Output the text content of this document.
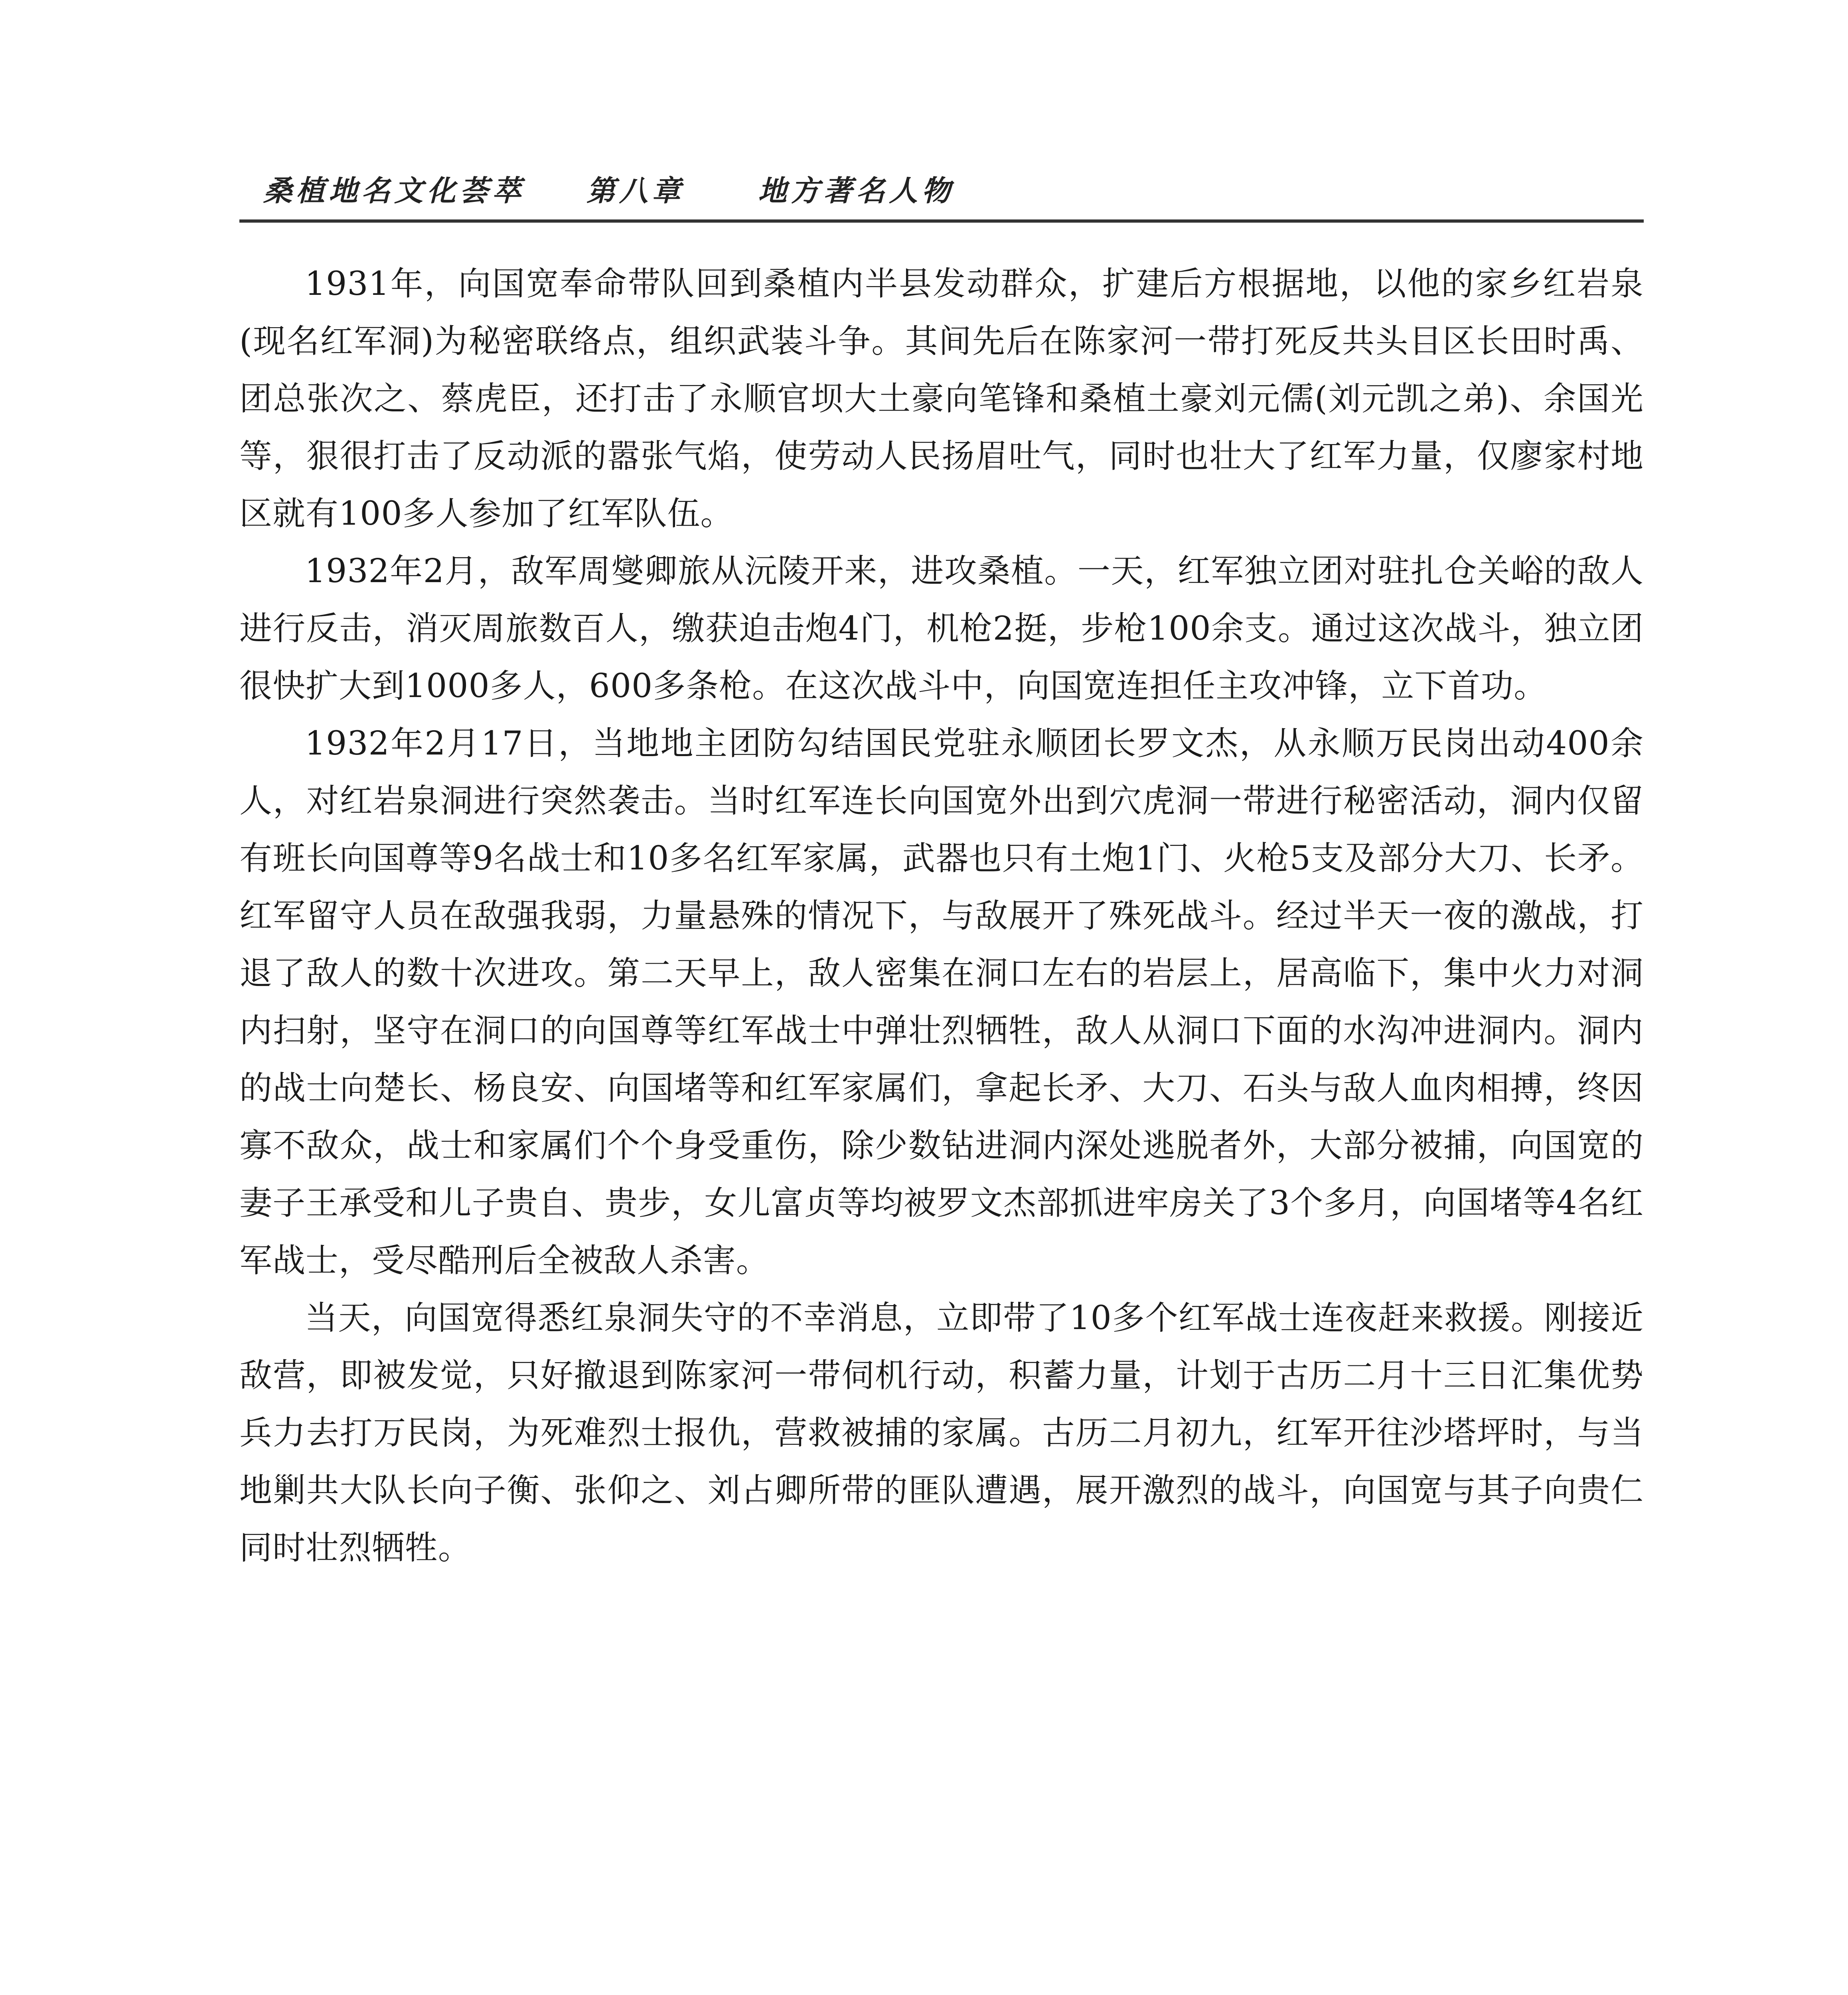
桑植地名文化荟萃 第八章	地方著名人物

1931年，向国宽奉命带队回到桑植内半县发动群众，扩建后方根据地，以他的家乡红岩泉(现名红军洞)为秘密联络点，组织武装斗争。其间先后在陈家河一带打死反共头目区长田时禹、团总张次之、蔡虎臣，还打击了永顺官坝大土豪向笔锋和桑植土豪刘元儒(刘元凯之弟)、余国光等，狠很打击了反动派的嚣张气焰，使劳动人民扬眉吐气，同时也壮大了红军力量，仅廖家村地区就有100多人参加了红军队伍。

1932年2月，敌军周燮卿旅从沅陵开来，进攻桑植。一天，红军独立团对驻扎仓关峪的敌人进行反击，消灭周旅数百人，缴获迫击炮4门，机枪2挺，步枪100余支。通过这次战斗，独立团很快扩大到1000多人，600多条枪。在这次战斗中，向国宽连担任主攻冲锋，立下首功。

1932年2月17日，当地地主团防勾结国民党驻永顺团长罗文杰，从永顺万民岗出动400余人，对红岩泉洞进行突然袭击。当时红军连长向国宽外出到穴虎洞一带进行秘密活动，洞内仅留有班长向国尊等9名战士和10多名红军家属，武器也只有土炮1门、火枪5支及部分大刀、长矛。红军留守人员在敌强我弱，力量悬殊的情况下，与敌展开了殊死战斗。经过半天一夜的激战，打退了敌人的数十次进攻。第二天早上，敌人密集在洞口左右的岩层上，居高临下，集中火力对洞内扫射，坚守在洞口的向国尊等红军战士中弹壮烈牺牲，敌人从洞口下面的水沟冲进洞内。洞内的战士向楚长、杨良安、向国堵等和红军家属们，拿起长矛、大刀、石头与敌人血肉相搏，终因寡不敌众，战士和家属们个个身受重伤，除少数钻进洞内深处逃脱者外，大部分被捕，向国宽的妻子王承受和儿子贵自、贵步，女儿富贞等均被罗文杰部抓进牢房关了3个多月，向国堵等4名红军战士，受尽酷刑后全被敌人杀害。

当天，向国宽得悉红泉洞失守的不幸消息，立即带了10多个红军战士连夜赶来救援。刚接近敌营，即被发觉，只好撤退到陈家河一带伺机行动，积蓄力量，计划于古历二月十三日汇集优势兵力去打万民岗，为死难烈士报仇，营救被捕的家属。古历二月初九，红军开往沙塔坪时，与当地剿共大队长向子衡、张仰之、刘占卿所带的匪队遭遇，展开激烈的战斗，向国宽与其子向贵仁同时壮烈牺牲。
